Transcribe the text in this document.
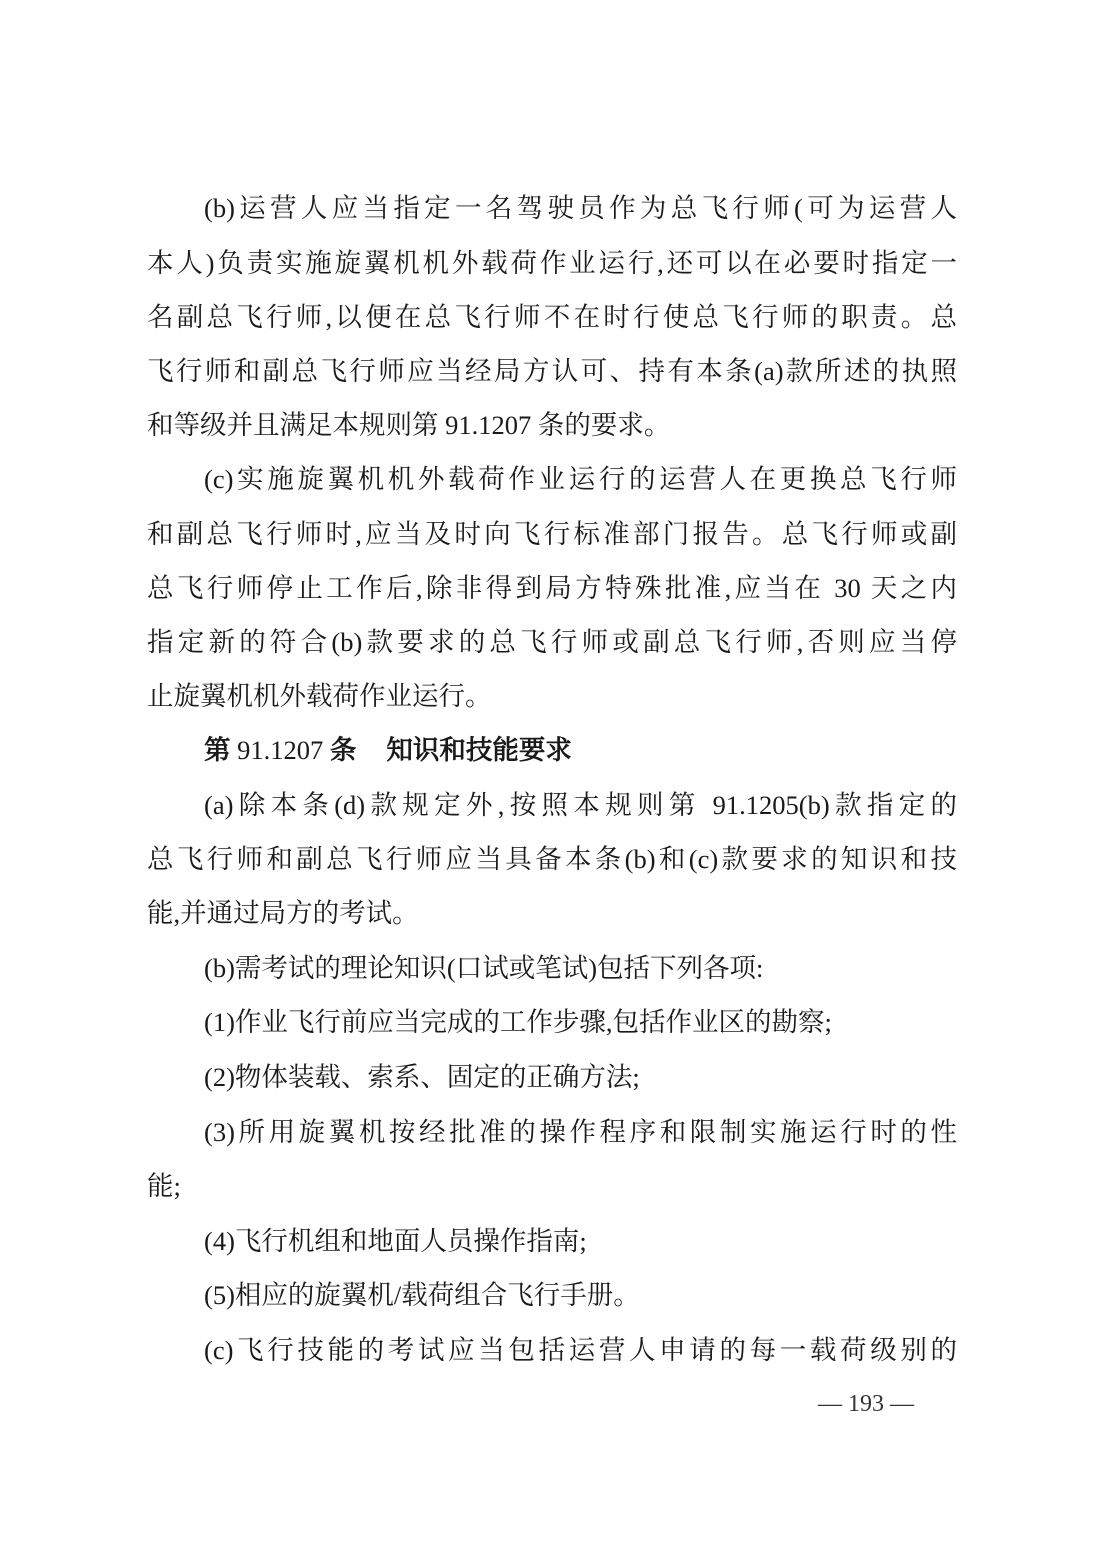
(b)运营人应当指定一名驾驶员作为总飞行师(可为运营人
本人)负责实施旋翼机机外载荷作业运行,还可以在必要时指定一
名副总飞行师,以便在总飞行师不在时行使总飞行师的职责。总
飞行师和副总飞行师应当经局方认可、持有本条(a)款所述的执照
和等级并且满足本规则第 91.1207 条的要求。
(c)实施旋翼机机外载荷作业运行的运营人在更换总飞行师
和副总飞行师时,应当及时向飞行标准部门报告。总飞行师或副
总飞行师停止工作后,除非得到局方特殊批准,应当在 30 天之内
指定新的符合(b)款要求的总飞行师或副总飞行师,否则应当停
止旋翼机机外载荷作业运行。
第 91.1207 条 知识和技能要求
(a)除本条(d)款规定外,按照本规则第 91.1205(b)款指定的
总飞行师和副总飞行师应当具备本条(b)和(c)款要求的知识和技
能,并通过局方的考试。
(b)需考试的理论知识(口试或笔试)包括下列各项:
(1)作业飞行前应当完成的工作步骤,包括作业区的勘察;
(2)物体装载、索系、固定的正确方法;
(3)所用旋翼机按经批准的操作程序和限制实施运行时的性
能;
(4)飞行机组和地面人员操作指南;
(5)相应的旋翼机/载荷组合飞行手册。
(c)飞行技能的考试应当包括运营人申请的每一载荷级别的
— 193 —
